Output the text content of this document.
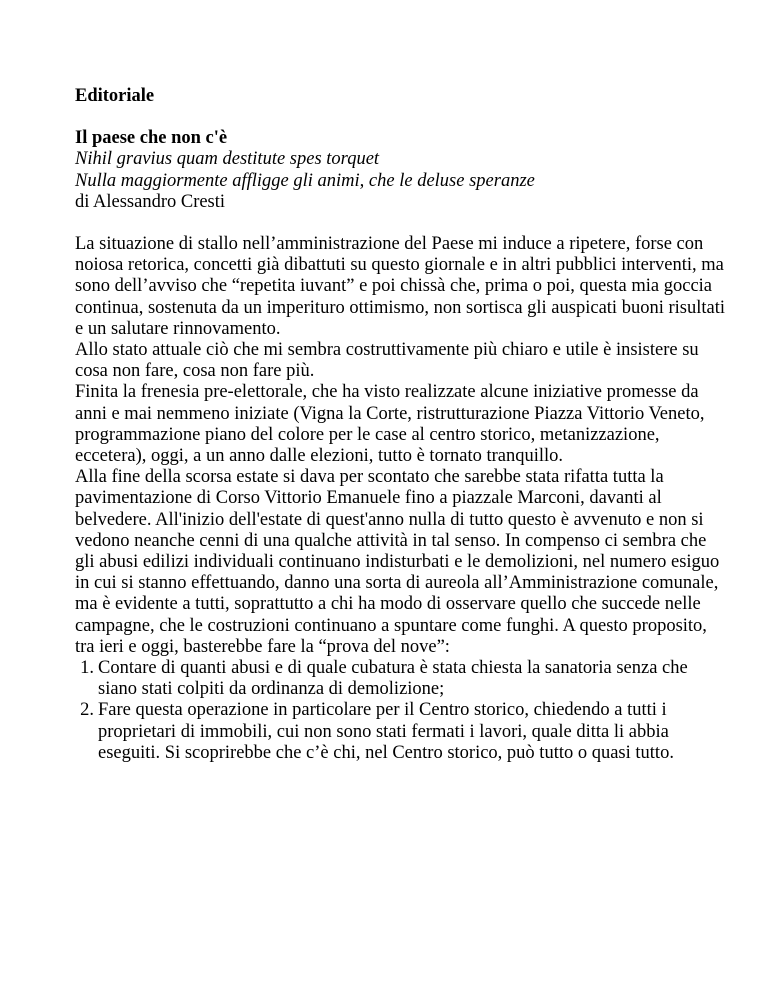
Editoriale

Il paese che non c'è

Nihil gravius quam destitute spes torquet

Nulla maggiormente affligge gli animi, che le deluse speranze

di Alessandro Cresti

La situazione di stallo nell’amministrazione del Paese mi induce a ripetere, forse con noiosa retorica, concetti già dibattuti su questo giornale e in altri pubblici interventi, ma sono dell’avviso che “repetita iuvant” e poi chissà che, prima o poi, questa mia goccia continua, sostenuta da un imperituro ottimismo, non sortisca gli auspicati buoni risultati e un salutare rinnovamento.

Allo stato attuale ciò che mi sembra costruttivamente più chiaro e utile è insistere su cosa non fare, cosa non fare più.

Finita la frenesia pre-elettorale, che ha visto realizzate alcune iniziative promesse da anni e mai nemmeno iniziate (Vigna la Corte, ristrutturazione Piazza Vittorio Veneto, programmazione piano del colore per le case al centro storico, metanizzazione, eccetera), oggi, a un anno dalle elezioni, tutto è tornato tranquillo.

Alla fine della scorsa estate si dava per scontato che sarebbe stata rifatta tutta la pavimentazione di Corso Vittorio Emanuele fino a piazzale Marconi, davanti al belvedere. All'inizio dell'estate di quest'anno nulla di tutto questo è avvenuto e non si vedono neanche cenni di una qualche attività in tal senso. In compenso ci sembra che gli abusi edilizi individuali continuano indisturbati e le demolizioni, nel numero esiguo in cui si stanno effettuando, danno una sorta di aureola all’Amministrazione comunale, ma è evidente a tutti, soprattutto a chi ha modo di osservare quello che succede nelle campagne, che le costruzioni continuano a spuntare come funghi. A questo proposito, tra ieri e oggi, basterebbe fare la “prova del nove”:

1. Contare di quanti abusi e di quale cubatura è stata chiesta la sanatoria senza che siano stati colpiti da ordinanza di demolizione;
2. Fare questa operazione in particolare per il Centro storico, chiedendo a tutti i proprietari di immobili, cui non sono stati fermati i lavori, quale ditta li abbia eseguiti. Si scoprirebbe che c’è chi, nel Centro storico, può tutto o quasi tutto.
